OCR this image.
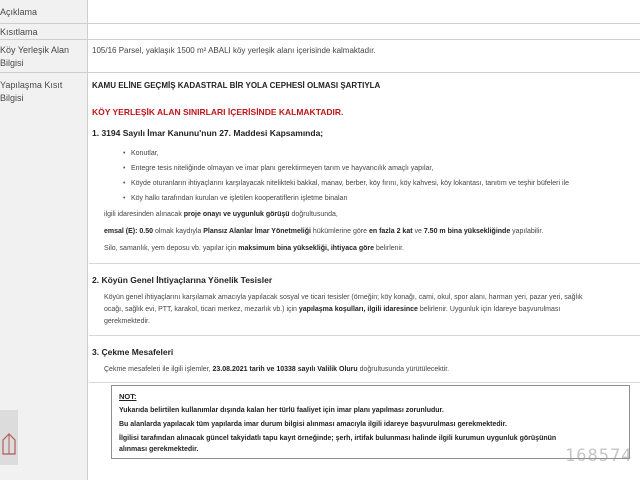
Açıklama
Kısıtlama
Köy Yerleşik Alan
Bilgisi
105/16 Parsel, yaklaşık 1500 m² ABALI köy yerleşik alanı içerisinde kalmaktadır.
Yapılaşma Kısıt
Bilgisi
KAMU ELİNE GEÇMİŞ KADASTRAL BİR YOLA CEPHESİ OLMASI ŞARTIYLA
KÖY YERLEŞİK ALAN SINIRLARI İÇERİSİNDE KALMAKTADIR.
1. 3194 Sayılı İmar Kanunu'nun 27. Maddesi Kapsamında;
• Konutlar,
• Entegre tesis niteliğinde olmayan ve imar planı gerektirmeyen tarım ve hayvancılık amaçlı yapılar,
• Köyde oturanların ihtiyaçlarını karşılayacak nitelikteki bakkal, manav, berber, köy fırını, köy kahvesi, köy lokantası, tanıtım ve teşhir büfeleri ile
• Köy halkı tarafından kurulan ve işletilen kooperatiflerin işletme binaları
ilgili idaresinden alınacak proje onayı ve uygunluk görüşü doğrultusunda,
emsal (E): 0.50 olmak kaydıyla Plansız Alanlar İmar Yönetmeliği hükümlerine göre en fazla 2 kat ve 7.50 m bina yüksekliğinde yapılabilir.
Silo, samanlık, yem deposu vb. yapılar için maksimum bina yüksekliği, ihtiyaca göre belirlenir.
2. Köyün Genel İhtiyaçlarına Yönelik Tesisler
Köyün genel ihtiyaçlarını karşılamak amacıyla yapılacak sosyal ve ticari tesisler (örneğin; köy konağı, cami, okul, spor alanı, harman yeri, pazar yeri, sağlık
ocağı, sağlık evi, PTT, karakol, ticari merkez, mezarlık vb.) için yapılaşma koşulları, ilgili idaresince belirlenir. Uygunluk için İdareye başvurulması
gerekmektedir.
3. Çekme Mesafeleri
Çekme mesafeleri ile ilgili işlemler, 23.08.2021 tarih ve 10338 sayılı Valilik Oluru doğrultusunda yürütülecektir.
NOT:
Yukarıda belirtilen kullanımlar dışında kalan her türlü faaliyet için imar planı yapılması zorunludur.
Bu alanlarda yapılacak tüm yapılarda imar durum bilgisi alınması amacıyla ilgili idareye başvurulması gerekmektedir.
İlgilisi tarafından alınacak güncel takyidatlı tapu kayıt örneğinde; şerh, irtifak bulunması halinde ilgili kurumun uygunluk görüşünün
alınması gerekmektedir.	168574
